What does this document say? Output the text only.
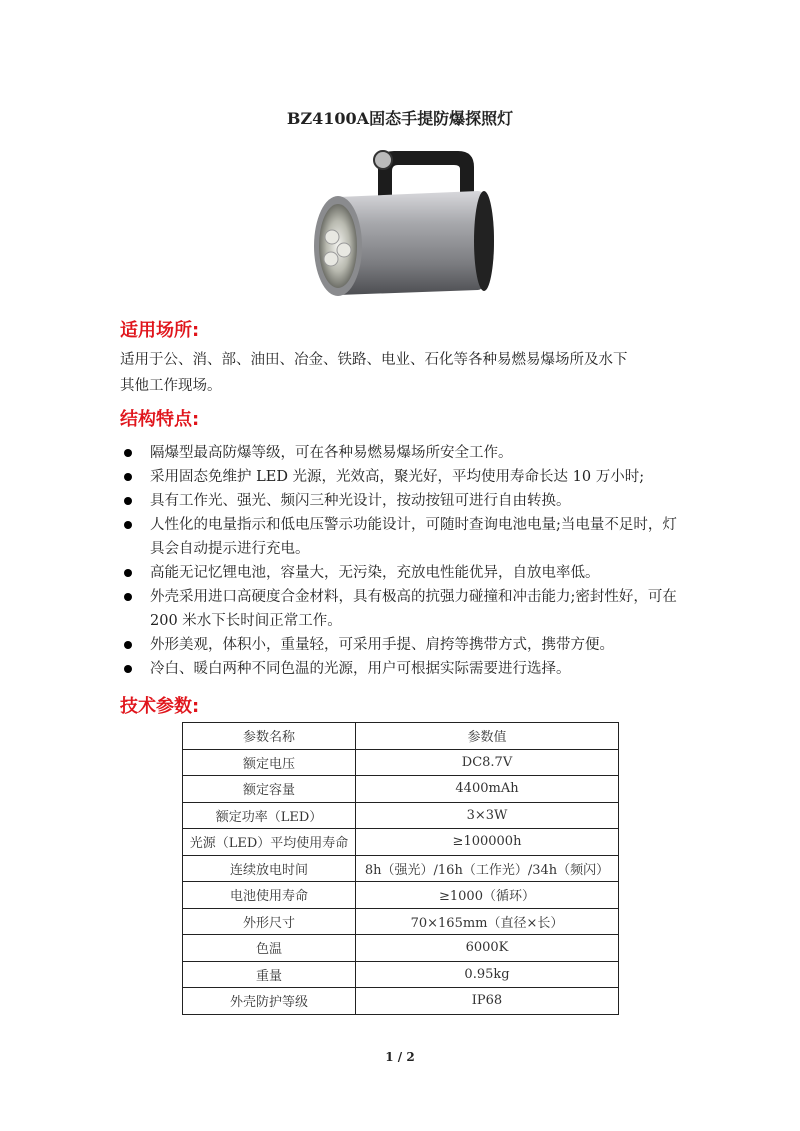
BZ4100A固态手提防爆探照灯
适用场所:
适用于公、消、部、油田、冶金、铁路、电业、石化等各种易燃易爆场所及水下
其他工作现场。
结构特点:
隔爆型最高防爆等级，可在各种易燃易爆场所安全工作。
采用固态免维护 LED 光源，光效高，聚光好，平均使用寿命长达 10 万小时;
具有工作光、强光、频闪三种光设计，按动按钮可进行自由转换。
人性化的电量指示和低电压警示功能设计，可随时查询电池电量;当电量不足时，灯具会自动提示进行充电。
高能无记忆锂电池，容量大，无污染，充放电性能优异，自放电率低。
外壳采用进口高硬度合金材料，具有极高的抗强力碰撞和冲击能力;密封性好，可在 200 米水下长时间正常工作。
外形美观，体积小，重量轻，可采用手提、肩挎等携带方式，携带方便。
冷白、暖白两种不同色温的光源，用户可根据实际需要进行选择。
技术参数:
参数名称	参数值
额定电压	DC8.7V
额定容量	4400mAh
额定功率（LED）	3×3W
光源（LED）平均使用寿命	≥100000h
连续放电时间	8h（强光）/16h（工作光）/34h（频闪）
电池使用寿命	≥1000（循环）
外形尺寸	70×165mm（直径×长）
色温	6000K
重量	0.95kg
外壳防护等级	IP68
1 / 2
